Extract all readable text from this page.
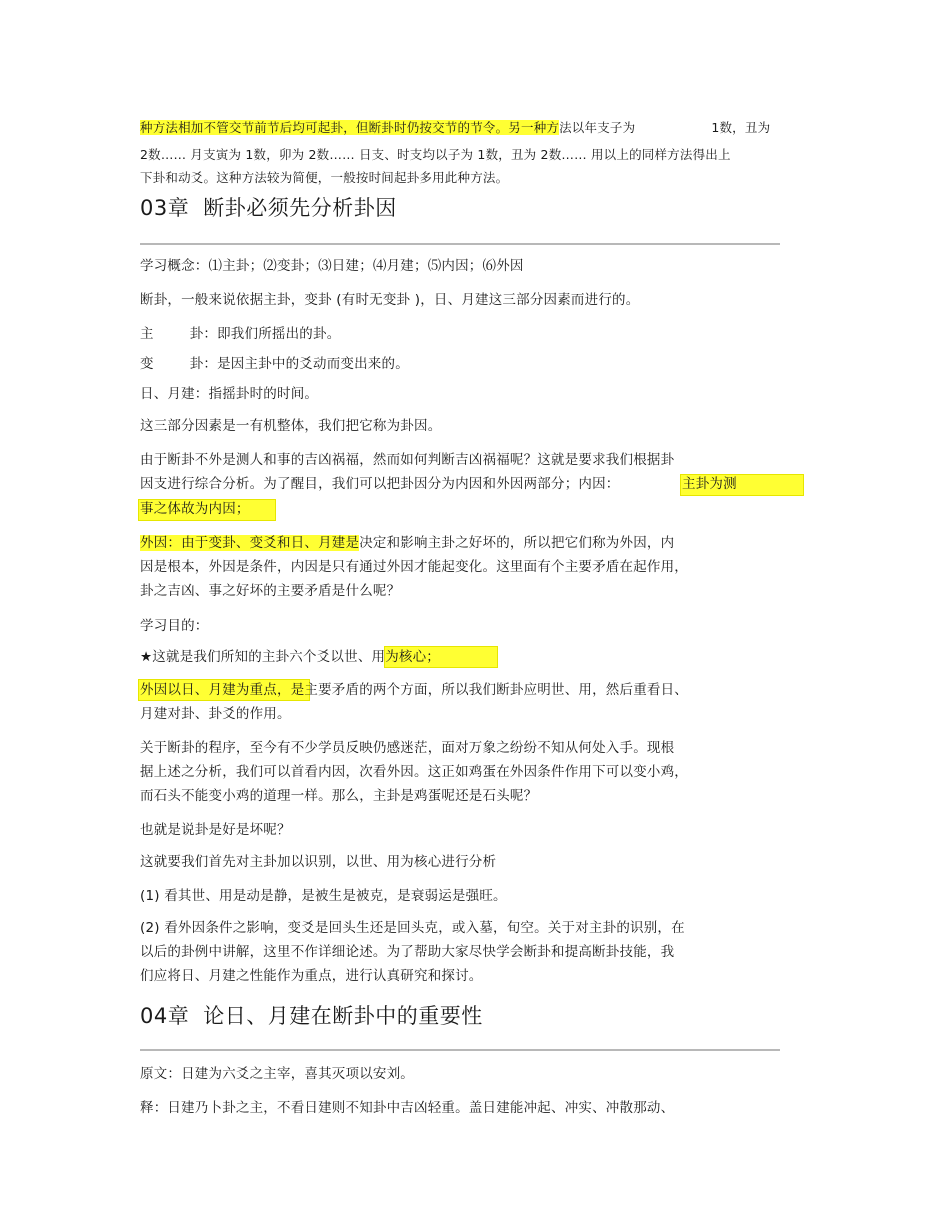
种方法相加不管交节前节后均可起卦，但断卦时仍按交节的节令。另一种方法以年支子为	1数，丑为

2数…… 月支寅为 1数，卯为 2数…… 日支、时支均以子为 1数，丑为 2数…… 用以上的同样方法得出上

下卦和动爻。这种方法较为简便，一般按时间起卦多用此种方法。

03章 断卦必须先分析卦因

学习概念：⑴主卦；⑵变卦；⑶日建；⑷月建；⑸内因；⑹外因

断卦，一般来说依据主卦，变卦 (有时无变卦 )，日、月建这三部分因素而进行的。

主	卦：即我们所摇出的卦。

变	卦：是因主卦中的爻动而变出来的。

日、月建：指摇卦时的时间。

这三部分因素是一有机整体，我们把它称为卦因。

由于断卦不外是测人和事的吉凶祸福，然而如何判断吉凶祸福呢？这就是要求我们根据卦

因支进行综合分析。为了醒目，我们可以把卦因分为内因和外因两部分；内因：	主卦为测

事之体故为内因；

外因：由于变卦、变爻和日、月建是决定和影响主卦之好坏的，所以把它们称为外因，内

因是根本，外因是条件，内因是只有通过外因才能起变化。这里面有个主要矛盾在起作用，

卦之吉凶、事之好坏的主要矛盾是什么呢？

学习目的：

★这就是我们所知的主卦六个爻以世、用为核心；

外因以日、月建为重点，是主要矛盾的两个方面，所以我们断卦应明世、用，然后重看日、

月建对卦、卦爻的作用。

关于断卦的程序，至今有不少学员反映仍感迷茫，面对万象之纷纷不知从何处入手。现根

据上述之分析，我们可以首看内因，次看外因。这正如鸡蛋在外因条件作用下可以变小鸡，

而石头不能变小鸡的道理一样。那么，主卦是鸡蛋呢还是石头呢？

也就是说卦是好是坏呢？

这就要我们首先对主卦加以识别，以世、用为核心进行分析

(1) 看其世、用是动是静，是被生是被克，是衰弱运是强旺。

(2) 看外因条件之影响，变爻是回头生还是回头克，或入墓，旬空。关于对主卦的识别，在

以后的卦例中讲解，这里不作详细论述。为了帮助大家尽快学会断卦和提高断卦技能，我

们应将日、月建之性能作为重点，进行认真研究和探讨。

04章 论日、月建在断卦中的重要性

原文：日建为六爻之主宰，喜其灭项以安刘。

释：日建乃卜卦之主，不看日建则不知卦中吉凶轻重。盖日建能冲起、冲实、冲散那动、
